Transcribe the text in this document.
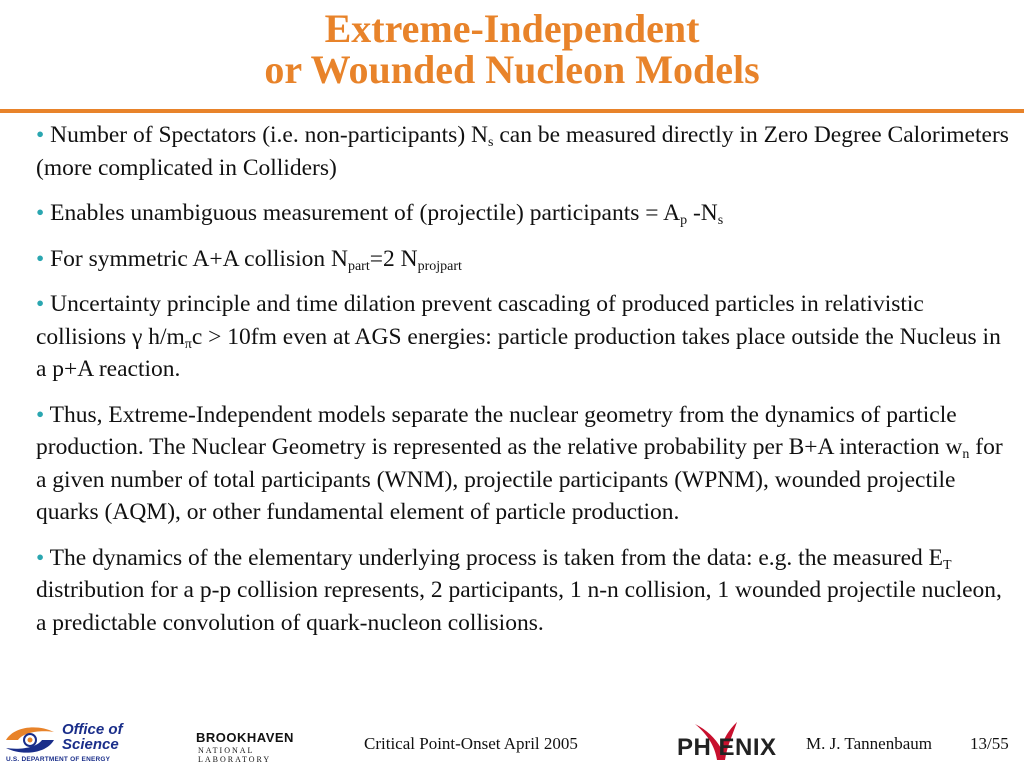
Extreme-Independent
or Wounded Nucleon Models
• Number of Spectators (i.e. non-participants) $N_s$ can be measured directly in Zero Degree Calorimeters (more complicated in Colliders)
• Enables unambiguous measurement of (projectile) participants = $A_p$ $-N_s$
• For symmetric A+A collision $N_{part}=2$ $N_{projpart}$
• Uncertainty principle and time dilation prevent cascading of produced particles in relativistic collisions γ $h/m_\pi c > 10fm$ even at AGS energies: particle production takes place outside the Nucleus in a p+A reaction.
• Thus, Extreme-Independent models separate the nuclear geometry from the dynamics of particle production. The Nuclear Geometry is represented as the relative probability per B+A interaction $w_n$ for a given number of total participants (WNM), projectile participants (WPNM), wounded projectile quarks (AQM), or other fundamental element of particle production.
• The dynamics of the elementary underlying process is taken from the data: e.g. the measured $E_T$ distribution for a p-p collision represents, 2 participants, 1 n-n collision, 1 wounded projectile nucleon, a predictable convolution of quark-nucleon collisions.
Office of
Science
U.S. DEPARTMENT OF ENERGY
BROOKHAVEN
NATIONAL LABORATORY
Critical Point-Onset April 2005	PH ENIX M. J. Tannenbaum 13/55
